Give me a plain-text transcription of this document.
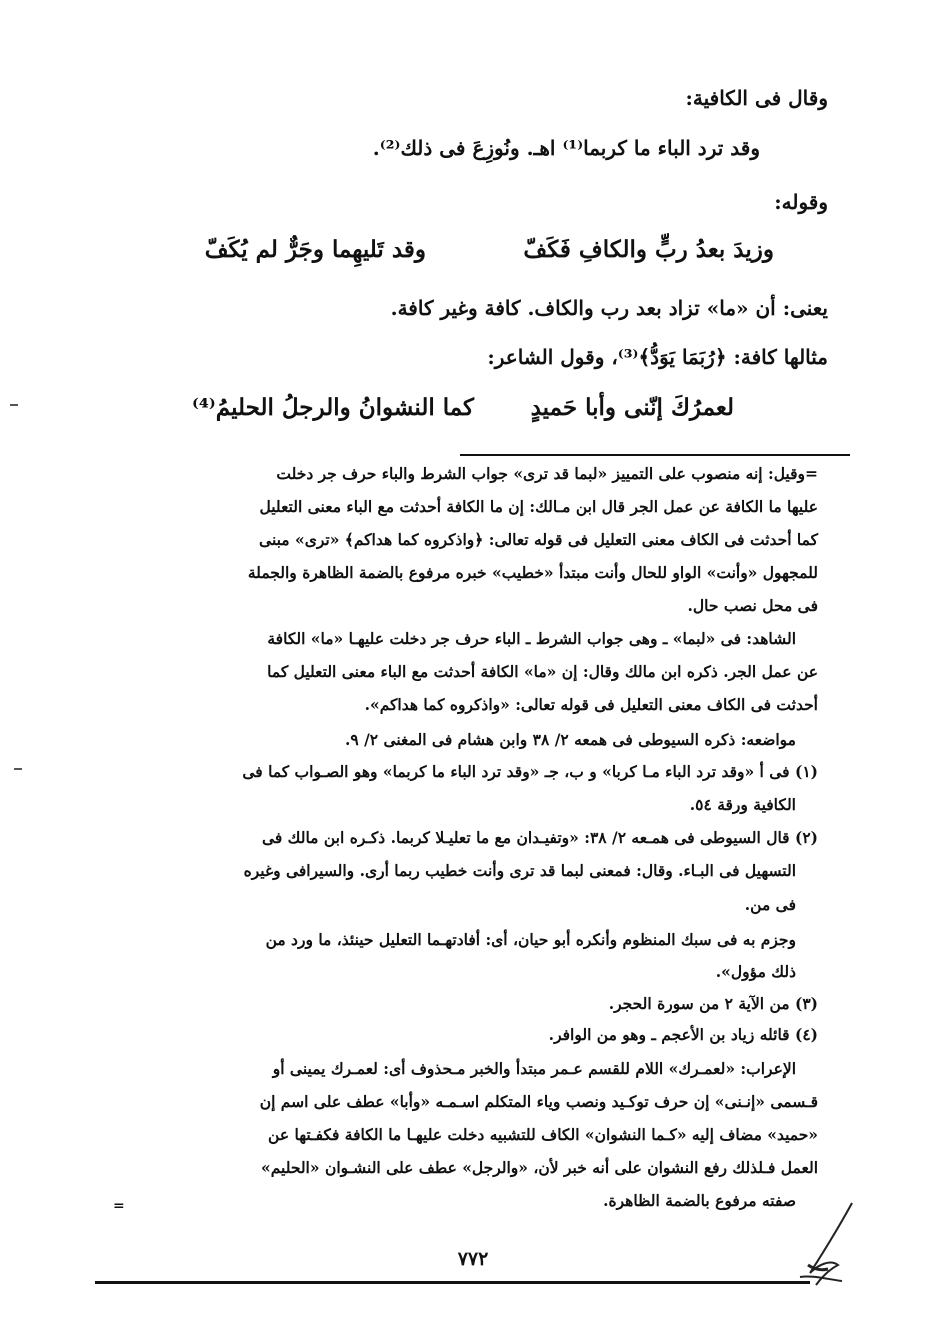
وقال فى الكافية:
وقد ترد الباء ما كربما⁽¹⁾ اهـ. ونُوزِعَ فى ذلك⁽²⁾.
وقوله:
وزيدَ بعدُ ربٍّ والكافِ فَكَفّ
وقد تَليهِما وجَرٌّ لم يُكَفّ
يعنى: أن «ما» تزاد بعد رب والكاف. كافة وغير كافة.
مثالها كافة: ﴿رُبَمَا يَوَدُّ﴾⁽³⁾، وقول الشاعر:
لعمرُكَ إنّنى وأبا حَميدٍ
كما النشوانُ والرجلُ الحليمُ⁽⁴⁾
=وقيل: إنه منصوب على التمييز «لبما قد ترى» جواب الشرط والباء حرف جر دخلت
عليها ما الكافة عن عمل الجر قال ابن مـالك: إن ما الكافة أحدثت مع الباء معنى التعليل
كما أحدثت فى الكاف معنى التعليل فى قوله تعالى: ﴿واذكروه كما هداكم﴾ «ترى» مبنى
للمجهول «وأنت» الواو للحال وأنت مبتدأ «خطيب» خبره مرفوع بالضمة الظاهرة والجملة
فى محل نصب حال.
الشاهد: فى «لبما» ـ وهى جواب الشرط ـ الباء حرف جر دخلت عليهـا «ما» الكافة
عن عمل الجر. ذكره ابن مالك وقال: إن «ما» الكافة أحدثت مع الباء معنى التعليل كما
أحدثت فى الكاف معنى التعليل فى قوله تعالى: «واذكروه كما هداكم».
مواضعه: ذكره السيوطى فى همعه ٢/ ٣٨ وابن هشام فى المغنى ٢/ ٩.
(١) فى أ «وقد ترد الباء مـا كربا» و ب، جـ «وقد ترد الباء ما كربما» وهو الصـواب كما فى
الكافية ورقة ٥٤.
(٢) قال السيوطى فى همـعه ٢/ ٣٨: «وتفيـدان مع ما تعليـلا كربما. ذكـره ابن مالك فى
التسهيل فى البـاء. وقال: فمعنى لبما قد ترى وأنت خطيب ربما أرى. والسيرافى وغيره
فى من.
وجزم به فى سبك المنظوم وأنكره أبو حيان، أى: أفادتهـما التعليل حينئذ، ما ورد من
ذلك مؤول».
(٣) من الآية ٢ من سورة الحجر.
(٤) قائله زياد بن الأعجم ـ وهو من الوافر.
الإعراب: «لعمـرك» اللام للقسم عـمر مبتدأ والخبر مـحذوف أى: لعمـرك يمينى أو
قـسمى «إنـنى» إن حرف توكـيد ونصب وياء المتكلم اسـمـه «وأبا» عطف على اسم إن
«حميد» مضاف إليه «كـما النشوان» الكاف للتشبيه دخلت عليهـا ما الكافة فكفـتها عن
العمل فـلذلك رفع النشوان على أنه خبر لأن، «والرجل» عطف على النشـوان «الحليم»
صفته مرفوع بالضمة الظاهرة.
=
٧٧٢
